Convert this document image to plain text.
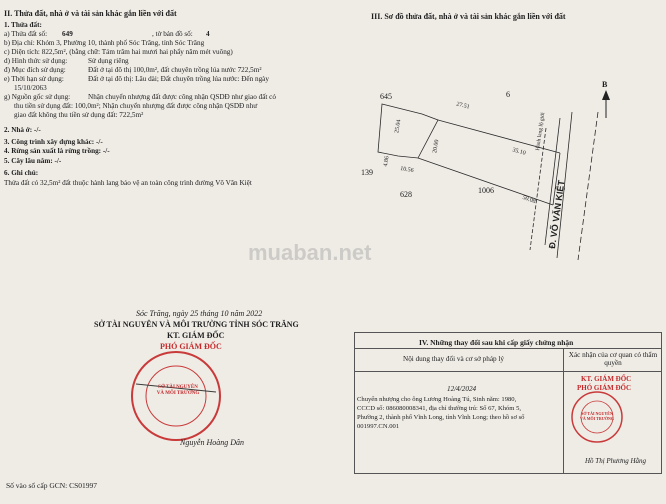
II. Thửa đất, nhà ở và tài sản khác gắn liền với đất
1. Thửa đất:
a) Thửa đất số: 649	, tờ bản đồ số: 4
b) Địa chỉ: Khóm 3, Phường 10, thành phố Sóc Trăng, tỉnh Sóc Trăng
c) Diện tích: 822,5m², (bằng chữ: Tám trăm hai mươi hai phẩy năm mét vuông)
d) Hình thức sử dụng:	Sử dụng riêng
đ) Mục đích sử dụng:	Đất ở tại đô thị 100,0m², đất chuyên trồng lúa nước 722,5m²
e) Thời hạn sử dụng:	Đất ở tại đô thị: Lâu dài; Đất chuyên trồng lúa nước: Đến ngày
15/10/2063
g) Nguồn gốc sử dụng: Nhận chuyển nhượng đất được công nhận QSDĐ như giao đất có
thu tiền sử dụng đất: 100,0m²; Nhận chuyển nhượng đất được công nhận QSDĐ như
giao đất không thu tiền sử dụng đất: 722,5m²
2. Nhà ở: -/-
3. Công trình xây dựng khác: -/-
4. Rừng sản xuất là rừng trồng: -/-
5. Cây lâu năm: -/-
6. Ghi chú:
Thửa đất có 32,5m² đất thuộc hành lang bảo vệ an toàn công trình đường Võ Văn Kiệt
III. Sơ đồ thửa đất, nhà ở và tài sản khác gắn liền với đất
B
645	6
139
628	1006
27.51
25.04
35.10
20.00
4.86
10.56
50.08
Hành lang lộ giới
Đ. VÕ VĂN KIỆT
muaban.net
Sóc Trăng, ngày 25 tháng 10 năm 2022
SỞ TÀI NGUYÊN VÀ MÔI TRƯỜNG TỈNH SÓC TRĂNG
KT. GIÁM ĐỐC
PHÓ GIÁM ĐỐC
SỞ TÀI NGUYÊN VÀ MÔI TRƯỜNG
Nguyễn Hoàng Dân
Số vào sổ cấp GCN: CS01997
IV. Những thay đổi sau khi cấp giấy chứng nhận
Nội dung thay đổi và cơ sở pháp lý	Xác nhận của cơ quan có thẩm quyền
12/4/2024
Chuyển nhượng cho ông Lương Hoàng Tú, Sinh năm: 1980,
CCCD số: 086080008341, địa chỉ thường trú: Số 67, Khóm 5,
Phường 2, thành phố Vĩnh Long, tỉnh Vĩnh Long; theo hồ sơ số
001997.CN.001
KT. GIÁM ĐỐC
PHÓ GIÁM ĐỐC
SỞ TÀI NGUYÊN VÀ MÔI TRƯỜNG
Hồ Thị Phương Hằng
